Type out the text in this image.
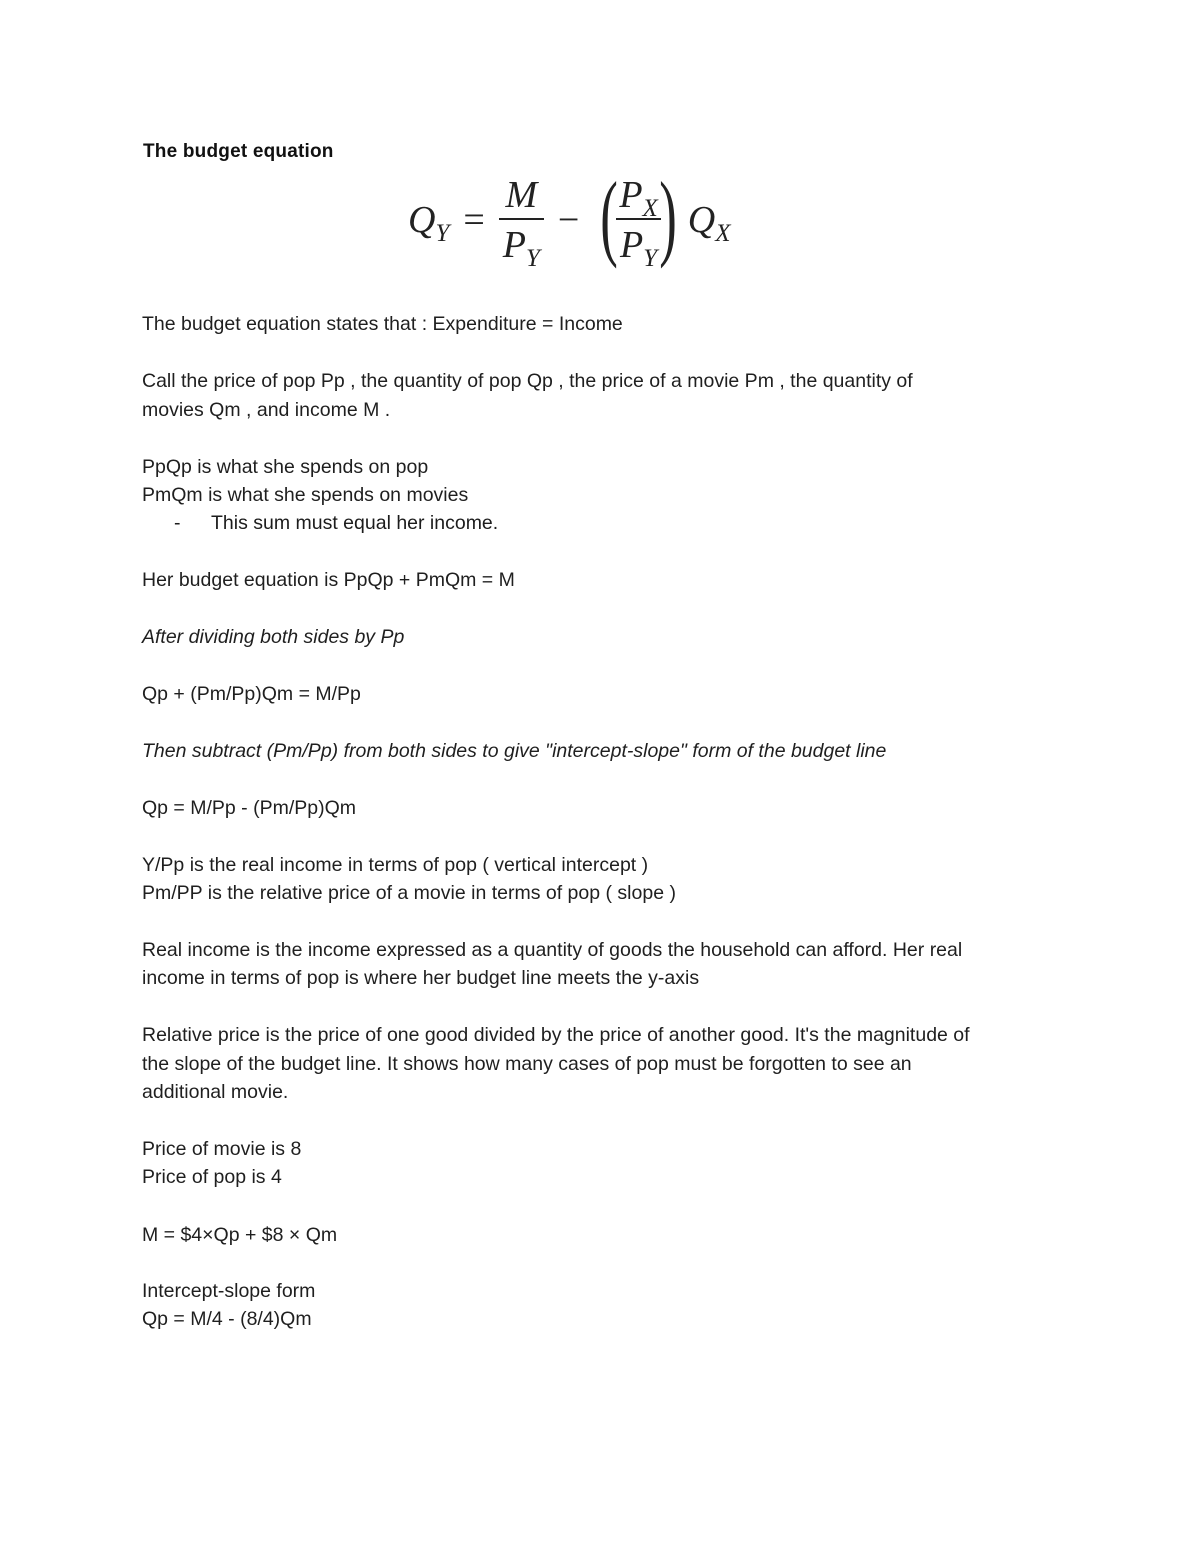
The budget equation
$Q_Y = \frac{M}{P_Y}$ − (
$\frac{P_X}{P_Y}$
) $Q_X$
The budget equation states that : Expenditure = Income
Call the price of pop Pp , the quantity of pop Qp , the price of a movie Pm , the quantity of
movies Qm , and income M .
PpQp is what she spends on pop
PmQm is what she spends on movies
- This sum must equal her income.
Her budget equation is PpQp + PmQm = M
After dividing both sides by Pp
Qp + (Pm/Pp)Qm = M/Pp
Then subtract (Pm/Pp) from both sides to give "intercept-slope" form of the budget line
Qp = M/Pp - (Pm/Pp)Qm
Y/Pp is the real income in terms of pop ( vertical intercept )
Pm/PP is the relative price of a movie in terms of pop ( slope )
Real income is the income expressed as a quantity of goods the household can afford. Her real
income in terms of pop is where her budget line meets the y-axis
Relative price is the price of one good divided by the price of another good. It's the magnitude of
the slope of the budget line. It shows how many cases of pop must be forgotten to see an
additional movie.
Price of movie is 8
Price of pop is 4
M = $4×Qp + $8 × Qm
Intercept-slope form
Qp = M/4 - (8/4)Qm
